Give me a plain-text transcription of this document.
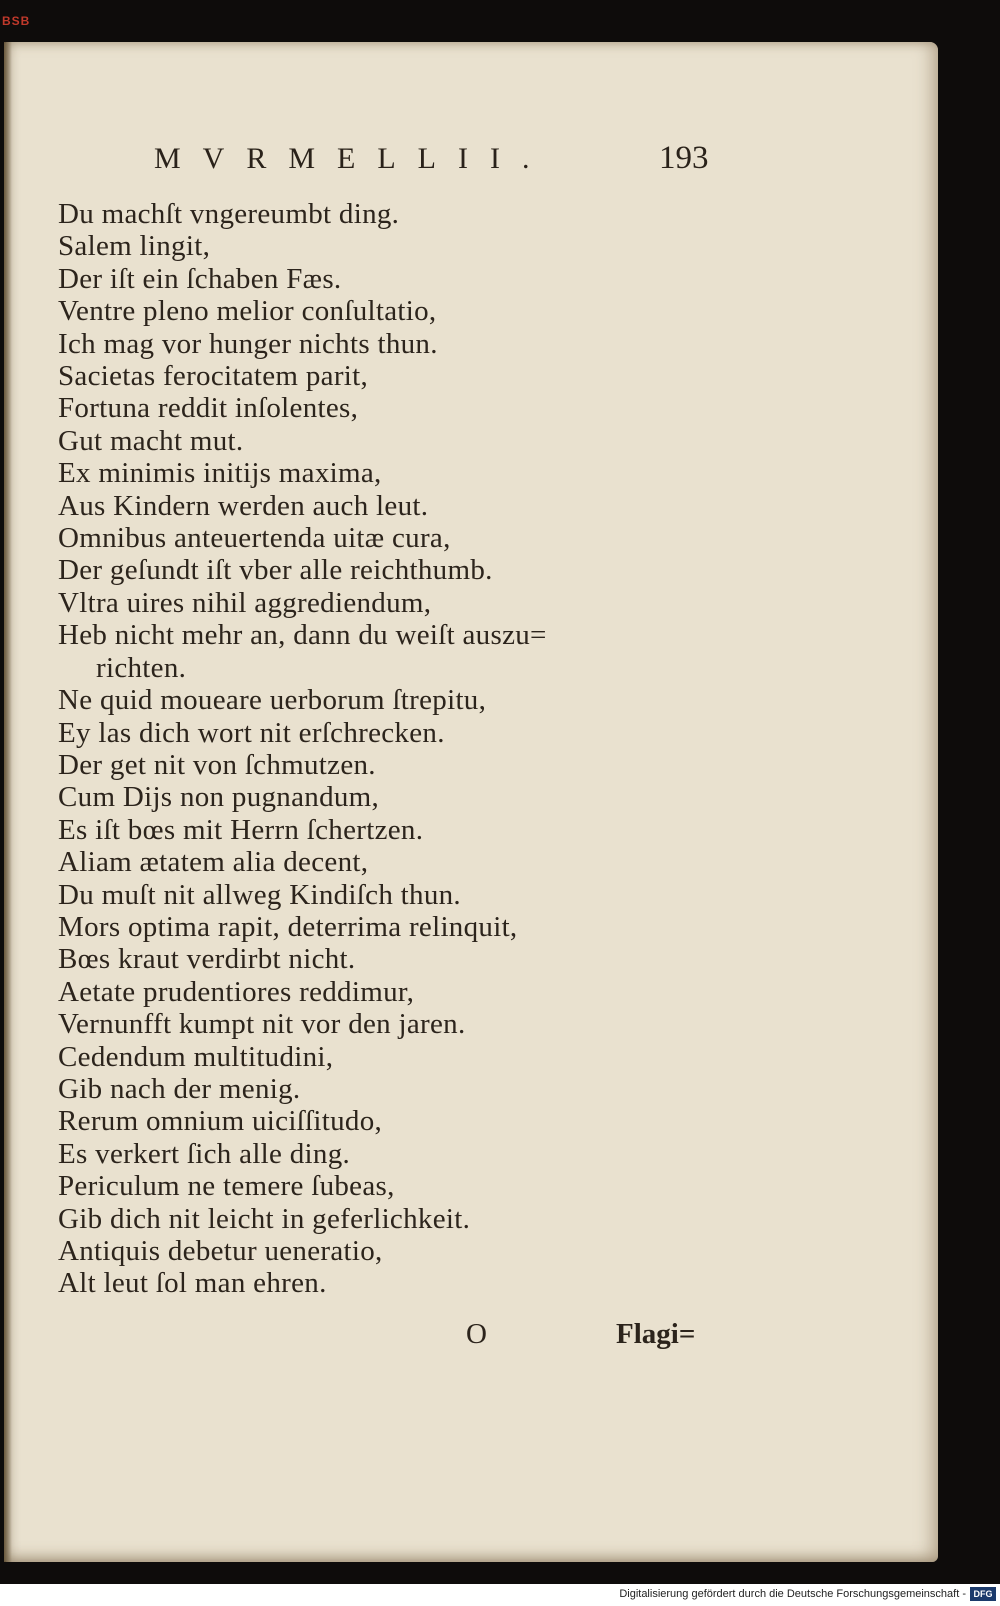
BSB
MVRMELLII.	193
Du machſt vngereumbt ding.
Salem lingit,
Der iſt ein ſchaben Fæs.
Ventre pleno melior conſultatio,
Ich mag vor hunger nichts thun.
Sacietas ferocitatem parit,
Fortuna reddit inſolentes,
Gut macht mut.
Ex minimis initijs maxima,
Aus Kindern werden auch leut.
Omnibus anteuertenda uitæ cura,
Der geſundt iſt vber alle reichthumb.
Vltra uires nihil aggrediendum,
Heb nicht mehr an, dann du weiſt auszu=
richten.
Ne quid moueare uerborum ſtrepitu,
Ey las dich wort nit erſchrecken.
Der get nit von ſchmutzen.
Cum Dijs non pugnandum,
Es iſt bœs mit Herrn ſchertzen.
Aliam ætatem alia decent,
Du muſt nit allweg Kindiſch thun.
Mors optima rapit, deterrima relinquit,
Bœs kraut verdirbt nicht.
Aetate prudentiores reddimur,
Vernunfft kumpt nit vor den jaren.
Cedendum multitudini,
Gib nach der menig.
Rerum omnium uiciſſitudo,
Es verkert ſich alle ding.
Periculum ne temere ſubeas,
Gib dich nit leicht in geferlichkeit.
Antiquis debetur ueneratio,
Alt leut ſol man ehren.
O	Flagi=
Digitalisierung gefördert durch die Deutsche Forschungsgemeinschaft - DFG
